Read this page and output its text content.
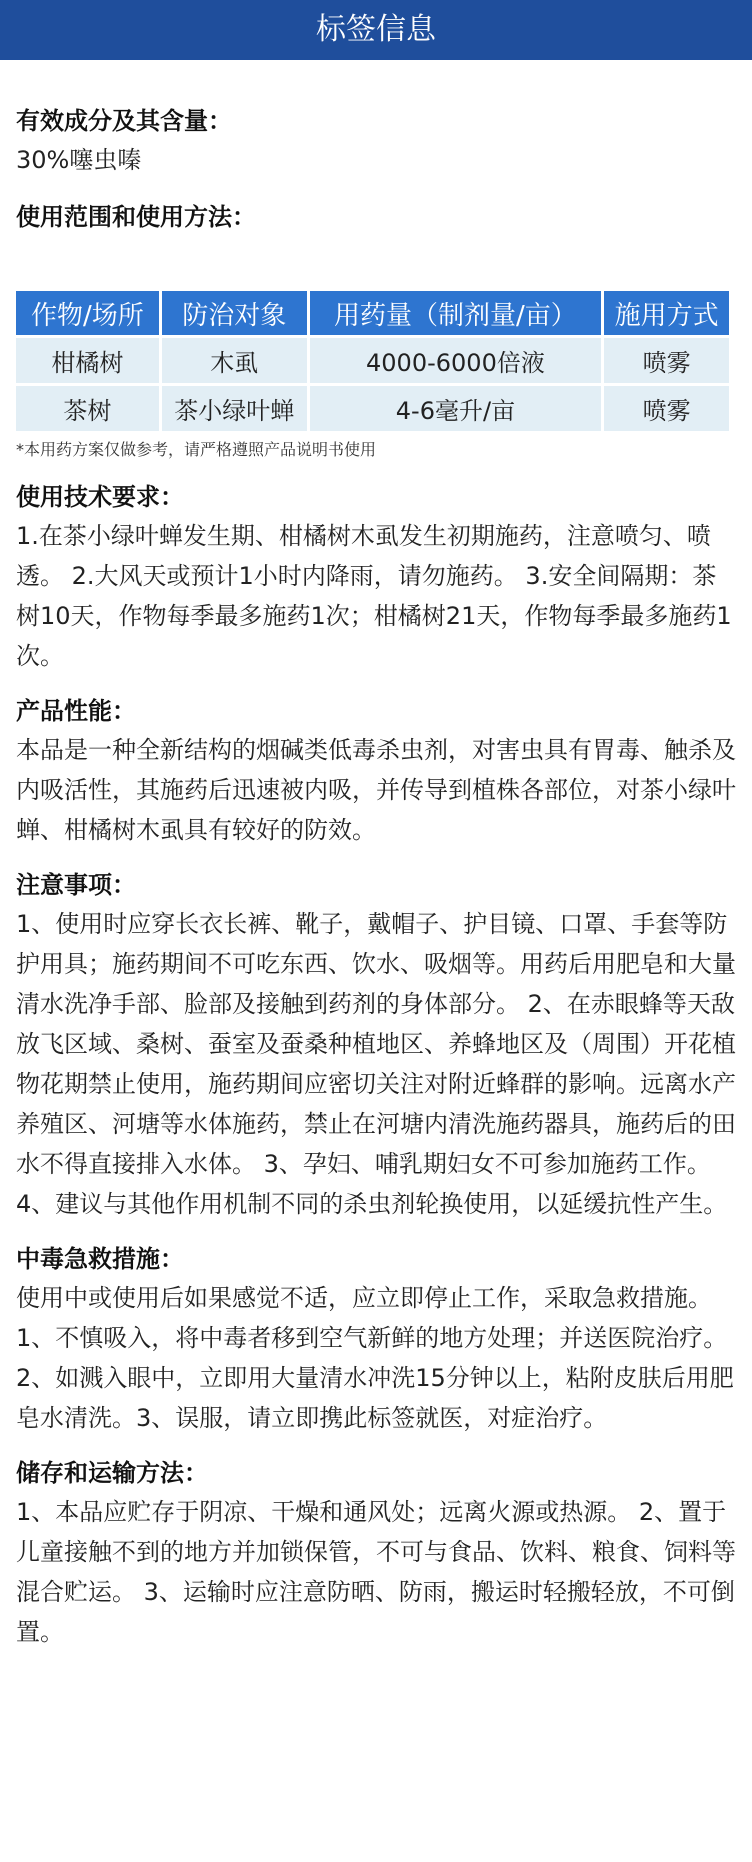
标签信息
有效成分及其含量：

30%噻虫嗪

使用范围和使用方法：
作物/场所	防治对象	用药量（制剂量/亩）	施用方式
柑橘树	木虱	4000-6000倍液	喷雾
茶树	茶小绿叶蝉	4-6毫升/亩	喷雾
*本用药方案仅做参考，请严格遵照产品说明书使用
使用技术要求：

1.在茶小绿叶蝉发生期、柑橘树木虱发生初期施药，注意喷匀、喷透。 2.大风天或预计1小时内降雨，请勿施药。 3.安全间隔期：茶树10天，作物每季最多施药1次；柑橘树21天，作物每季最多施药1次。

产品性能：

本品是一种全新结构的烟碱类低毒杀虫剂，对害虫具有胃毒、触杀及内吸活性，其施药后迅速被内吸，并传导到植株各部位，对茶小绿叶蝉、柑橘树木虱具有较好的防效。

注意事项：

1、使用时应穿长衣长裤、靴子，戴帽子、护目镜、口罩、手套等防护用具；施药期间不可吃东西、饮水、吸烟等。用药后用肥皂和大量清水洗净手部、脸部及接触到药剂的身体部分。 2、在赤眼蜂等天敌放飞区域、桑树、蚕室及蚕桑种植地区、养蜂地区及（周围）开花植物花期禁止使用，施药期间应密切关注对附近蜂群的影响。远离水产养殖区、河塘等水体施药，禁止在河塘内清洗施药器具，施药后的田水不得直接排入水体。 3、孕妇、哺乳期妇女不可参加施药工作。 4、建议与其他作用机制不同的杀虫剂轮换使用，以延缓抗性产生。

中毒急救措施：

使用中或使用后如果感觉不适，应立即停止工作，采取急救措施。 1、不慎吸入，将中毒者移到空气新鲜的地方处理；并送医院治疗。 2、如溅入眼中，立即用大量清水冲洗15分钟以上，粘附皮肤后用肥皂水清洗。3、误服，请立即携此标签就医，对症治疗。

储存和运输方法：

1、本品应贮存于阴凉、干燥和通风处；远离火源或热源。 2、置于儿童接触不到的地方并加锁保管，不可与食品、饮料、粮食、饲料等混合贮运。 3、运输时应注意防晒、防雨，搬运时轻搬轻放，不可倒置。
